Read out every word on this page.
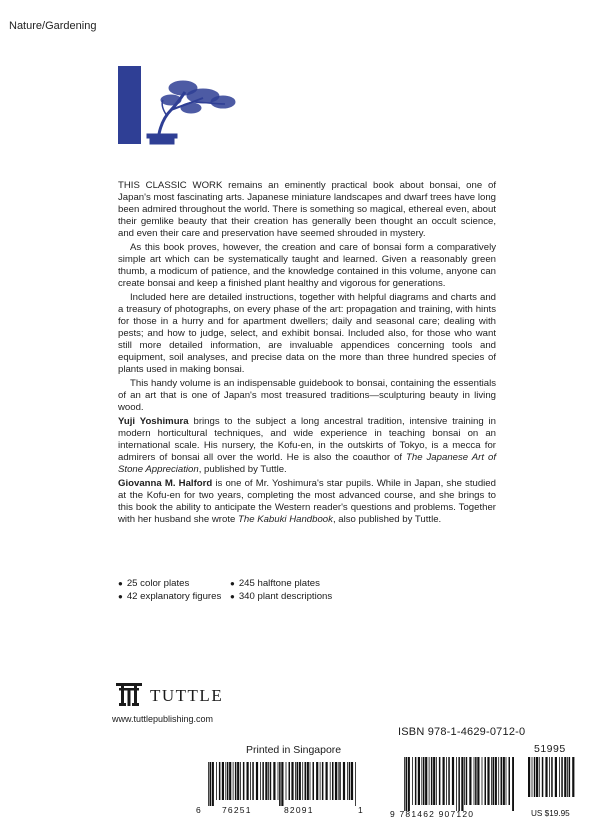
Nature/Gardening

THIS CLASSIC WORK remains an eminently practical book about bonsai, one of Japan's most fascinating arts. Japanese miniature landscapes and dwarf trees have long been admired throughout the world. There is something so magical, ethereal even, about their gemlike beauty that their creation has generally been thought an occult science, and even their care and preservation have seemed shrouded in mystery.

As this book proves, however, the creation and care of bonsai form a comparatively simple art which can be systematically taught and learned. Given a reasonably green thumb, a modicum of patience, and the knowledge contained in this volume, anyone can create bonsai and keep a finished plant healthy and vigorous for generations.

Included here are detailed instructions, together with helpful diagrams and charts and a treasury of photographs, on every phase of the art: propagation and training, with hints for those in a hurry and for apartment dwellers; daily and seasonal care; dealing with pests; and how to judge, select, and exhibit bonsai. Included also, for those who want still more detailed information, are invaluable appendices concerning tools and equipment, soil analyses, and precise data on the more than three hundred species of plants used in making bonsai.

This handy volume is an indispensable guidebook to bonsai, containing the essentials of an art that is one of Japan's most treasured traditions—sculpturing beauty in living wood.

Yuji Yoshimura brings to the subject a long ancestral tradition, intensive training in modern horticultural techniques, and wide experience in teaching bonsai on an international scale. His nursery, the Kofu-en, in the outskirts of Tokyo, is a mecca for admirers of bonsai all over the world. He is also the coauthor of The Japanese Art of Stone Appreciation, published by Tuttle.

Giovanna M. Halford is one of Mr. Yoshimura's star pupils. While in Japan, she studied at the Kofu-en for two years, completing the most advanced course, and she brings to this book the ability to anticipate the Western reader's questions and problems. Together with her husband she wrote The Kabuki Handbook, also published by Tuttle.

● 25 color plates	● 245 halftone plates
● 42 explanatory figures	● 340 plant descriptions
TUTTLE
www.tuttlepublishing.com
Printed in Singapore
6 76251	82091	1
ISBN 978-1-4629-0712-0
51995
9 781462 907120	US $19.95
